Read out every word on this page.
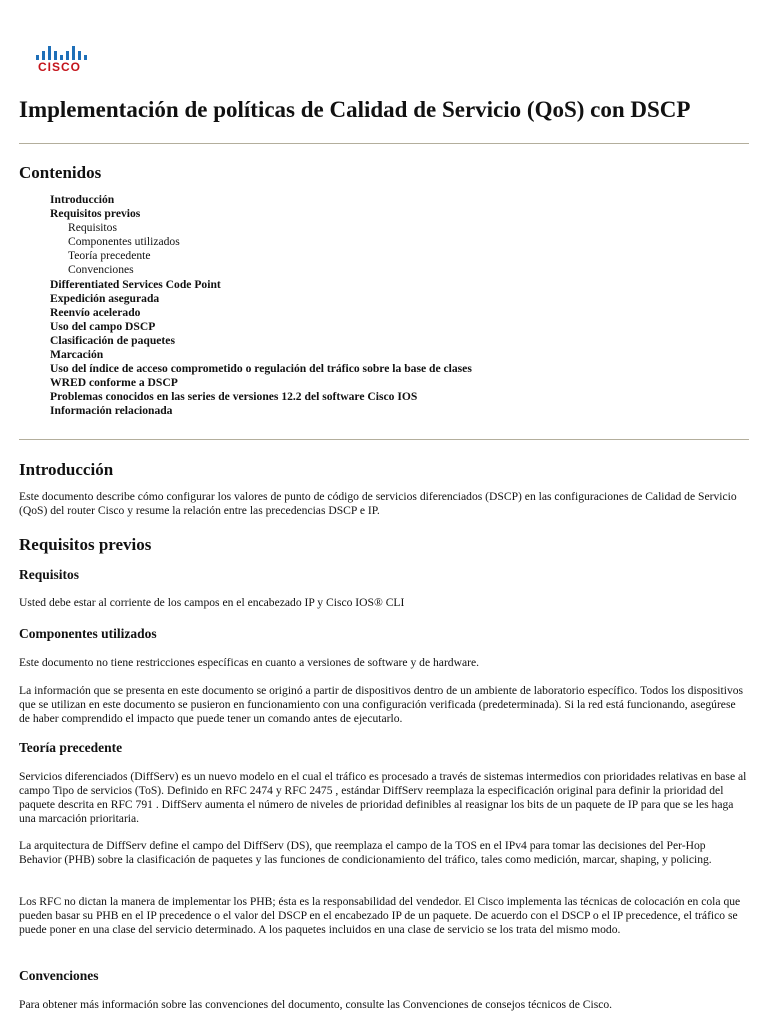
CISCO
Implementación de políticas de Calidad de Servicio (QoS) con DSCP
Contenidos
Introducción
Requisitos previos
Requisitos
Componentes utilizados
Teoría precedente
Convenciones
Differentiated Services Code Point
Expedición asegurada
Reenvío acelerado
Uso del campo DSCP
Clasificación de paquetes
Marcación
Uso del índice de acceso comprometido o regulación del tráfico sobre la base de clases
WRED conforme a DSCP
Problemas conocidos en las series de versiones 12.2 del software Cisco IOS
Información relacionada
Introducción

Este documento describe cómo configurar los valores de punto de código de servicios diferenciados (DSCP) en las configuraciones de Calidad de Servicio (QoS) del router Cisco y resume la relación entre las precedencias DSCP e IP.

Requisitos previos
Requisitos

Usted debe estar al corriente de los campos en el encabezado IP y Cisco IOS® CLI

Componentes utilizados

Este documento no tiene restricciones específicas en cuanto a versiones de software y de hardware.

La información que se presenta en este documento se originó a partir de dispositivos dentro de un ambiente de laboratorio específico. Todos los dispositivos que se utilizan en este documento se pusieron en funcionamiento con una configuración verificada (predeterminada). Si la red está funcionando, asegúrese de haber comprendido el impacto que puede tener un comando antes de ejecutarlo.

Teoría precedente

Servicios diferenciados (DiffServ) es un nuevo modelo en el cual el tráfico es procesado a través de sistemas intermedios con prioridades relativas en base al campo Tipo de servicios (ToS). Definido en RFC 2474 y RFC 2475 , estándar DiffServ reemplaza la especificación original para definir la prioridad del paquete descrita en RFC 791 . DiffServ aumenta el número de niveles de prioridad definibles al reasignar los bits de un paquete de IP para que se les haga una marcación prioritaria.

La arquitectura de DiffServ define el campo del DiffServ (DS), que reemplaza el campo de la TOS en el IPv4 para tomar las decisiones del Per-Hop Behavior (PHB) sobre la clasificación de paquetes y las funciones de condicionamiento del tráfico, tales como medición, marcar, shaping, y policing.

Los RFC no dictan la manera de implementar los PHB; ésta es la responsabilidad del vendedor. El Cisco implementa las técnicas de colocación en cola que pueden basar su PHB en el IP precedence o el valor del DSCP en el encabezado IP de un paquete. De acuerdo con el DSCP o el IP precedence, el tráfico se puede poner en una clase del servicio determinado. A los paquetes incluidos en una clase de servicio se los trata del mismo modo.

Convenciones

Para obtener más información sobre las convenciones del documento, consulte las Convenciones de consejos técnicos de Cisco.
